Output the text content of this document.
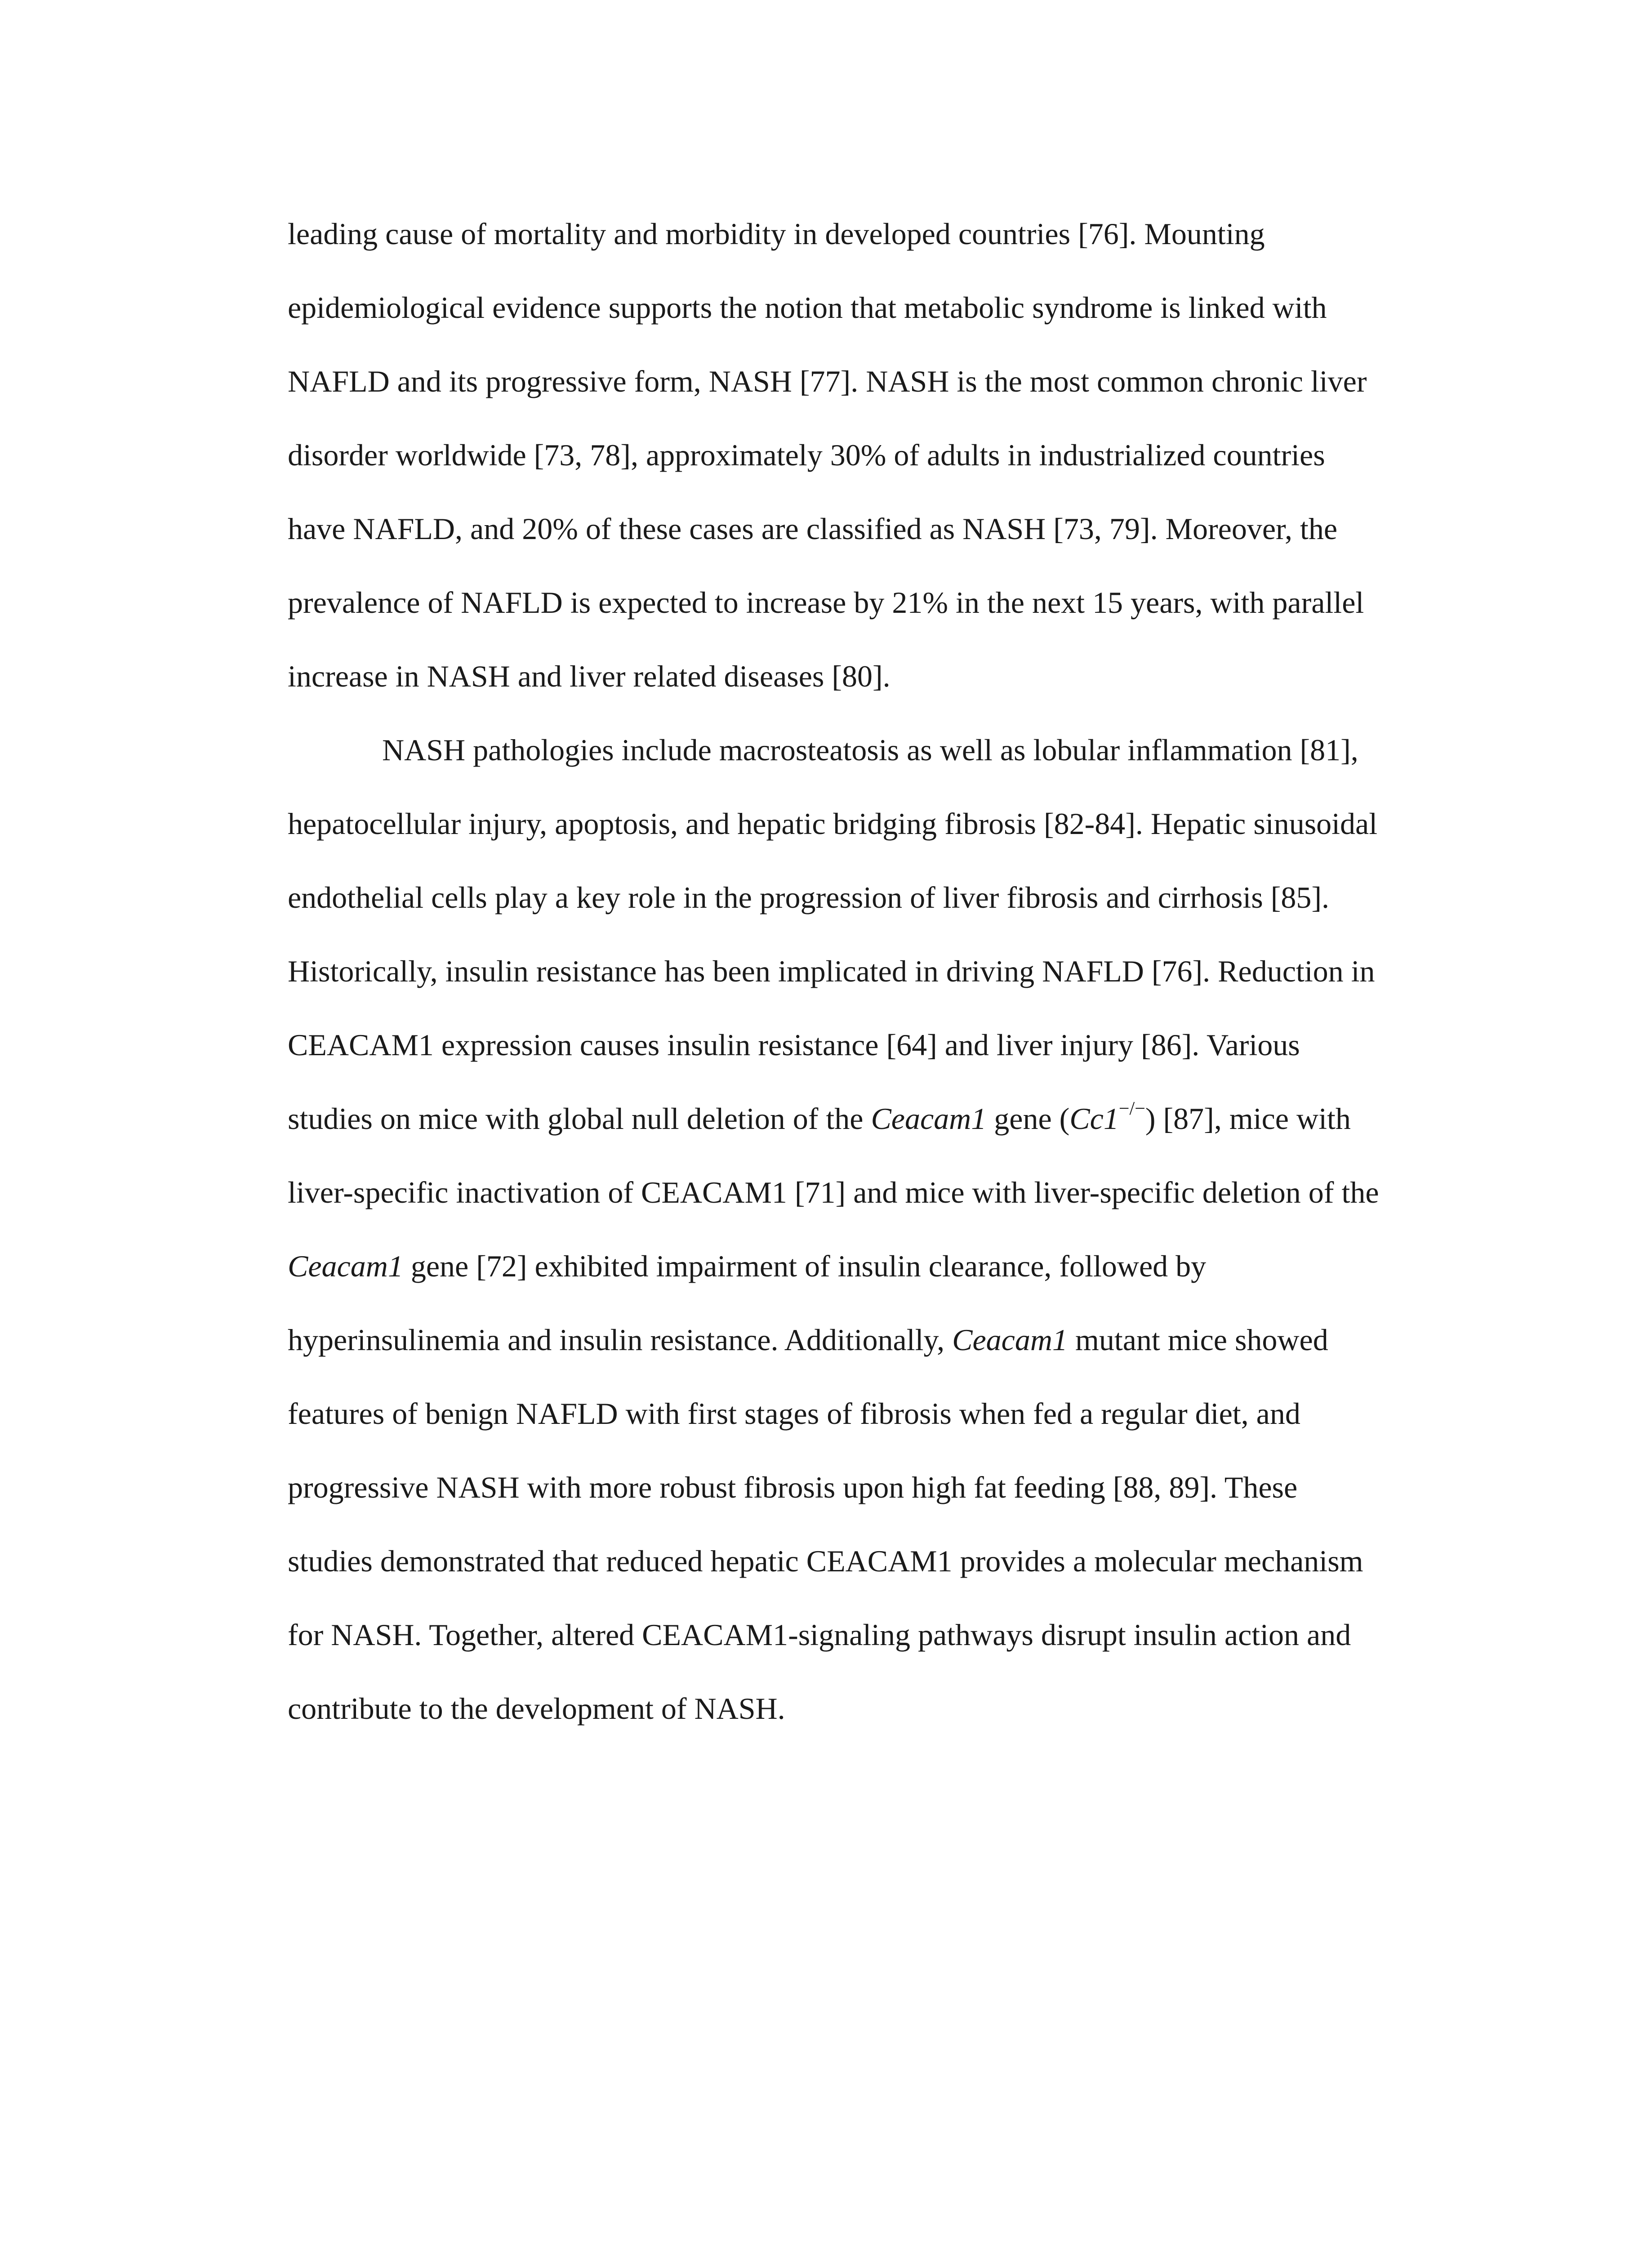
leading cause of mortality and morbidity in developed countries [76]. Mounting
epidemiological evidence supports the notion that metabolic syndrome is linked with
NAFLD and its progressive form, NASH [77]. NASH is the most common chronic liver
disorder worldwide [73, 78], approximately 30% of adults in industrialized countries
have NAFLD, and 20% of these cases are classified as NASH [73, 79]. Moreover, the
prevalence of NAFLD is expected to increase by 21% in the next 15 years, with parallel
increase in NASH and liver related diseases [80].
NASH pathologies include macrosteatosis as well as lobular inflammation [81],
hepatocellular injury, apoptosis, and hepatic bridging fibrosis [82-84]. Hepatic sinusoidal
endothelial cells play a key role in the progression of liver fibrosis and cirrhosis [85].
Historically, insulin resistance has been implicated in driving NAFLD [76]. Reduction in
CEACAM1 expression causes insulin resistance [64] and liver injury [86]. Various
studies on mice with global null deletion of the Ceacam1 gene (Cc1−/−) [87], mice with
liver-specific inactivation of CEACAM1 [71] and mice with liver-specific deletion of the
Ceacam1 gene [72] exhibited impairment of insulin clearance, followed by
hyperinsulinemia and insulin resistance. Additionally, Ceacam1 mutant mice showed
features of benign NAFLD with first stages of fibrosis when fed a regular diet, and
progressive NASH with more robust fibrosis upon high fat feeding [88, 89]. These
studies demonstrated that reduced hepatic CEACAM1 provides a molecular mechanism
for NASH. Together, altered CEACAM1-signaling pathways disrupt insulin action and
contribute to the development of NASH.
